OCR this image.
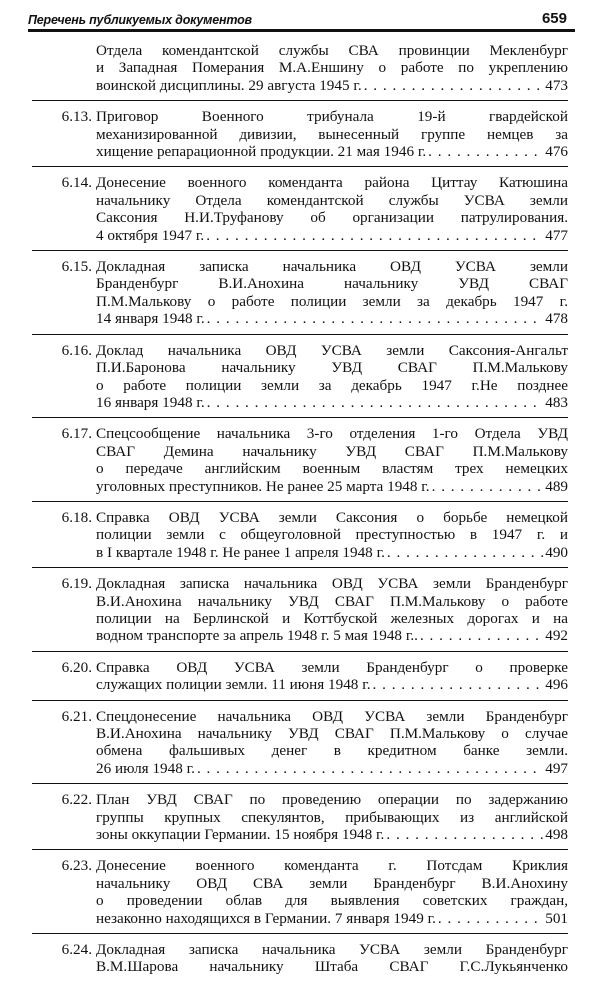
Перечень публикуемых документов	659
Отдела комендантской службы СВА провинции Мекленбург
и Западная Померания М.А.Еншину о работе по укреплению
воинской дисциплины. 29 августа 1945 г. . . .	473
6.13. Приговор Военного трибунала 19-й гвардейской
механизированной дивизии, вынесенный группе немцев за
хищение репарационной продукции. 21 мая 1946 г. . . .	476
6.14. Донесение военного коменданта района Циттау Катюшина
начальнику Отдела комендантской службы УСВА земли
Саксония Н.И.Труфанову об организации патрулирования.
4 октября 1947 г. . . .	477
6.15. Докладная записка начальника ОВД УСВА земли
Бранденбург В.И.Анохина начальнику УВД СВАГ
П.М.Малькову о работе полиции земли за декабрь 1947 г.
14 января 1948 г. . . .	478
6.16. Доклад начальника ОВД УСВА земли Саксония-Ангальт
П.И.Баронова начальнику УВД СВАГ П.М.Малькову
о работе полиции земли за декабрь 1947 г.Не позднее
16 января 1948 г. . . .	483
6.17. Спецсообщение начальника 3-го отделения 1-го Отдела УВД
СВАГ Демина начальнику УВД СВАГ П.М.Малькову
о передаче английским военным властям трех немецких
уголовных преступников. Не ранее 25 марта 1948 г. . . .	489
6.18. Справка ОВД УСВА земли Саксония о борьбе немецкой
полиции земли с общеуголовной преступностью в 1947 г. и
в I квартале 1948 г. Не ранее 1 апреля 1948 г. . . .	490
6.19. Докладная записка начальника ОВД УСВА земли Бранденбург
В.И.Анохина начальнику УВД СВАГ П.М.Малькову о работе
полиции на Берлинской и Коттбуской железных дорогах и на
водном транспорте за апрель 1948 г. 5 мая 1948 г.. . . .	492
6.20. Справка ОВД УСВА земли Бранденбург о проверке
служащих полиции земли. 11 июня 1948 г. . . .	496
6.21. Спецдонесение начальника ОВД УСВА земли Бранденбург
В.И.Анохина начальнику УВД СВАГ П.М.Малькову о случае
обмена фальшивых денег в кредитном банке земли.
26 июля 1948 г. . . .	497
6.22. План УВД СВАГ по проведению операции по задержанию
группы крупных спекулянтов, прибывающих из английской
зоны оккупации Германии. 15 ноября 1948 г. . . .	498
6.23. Донесение военного коменданта г. Потсдам Криклия
начальнику ОВД СВА земли Бранденбург В.И.Анохину
о проведении облав для выявления советских граждан,
незаконно находящихся в Германии. 7 января 1949 г. . . .	501
6.24. Докладная записка начальника УСВА земли Бранденбург
В.М.Шарова начальнику Штаба СВАГ Г.С.Лукьянченко
